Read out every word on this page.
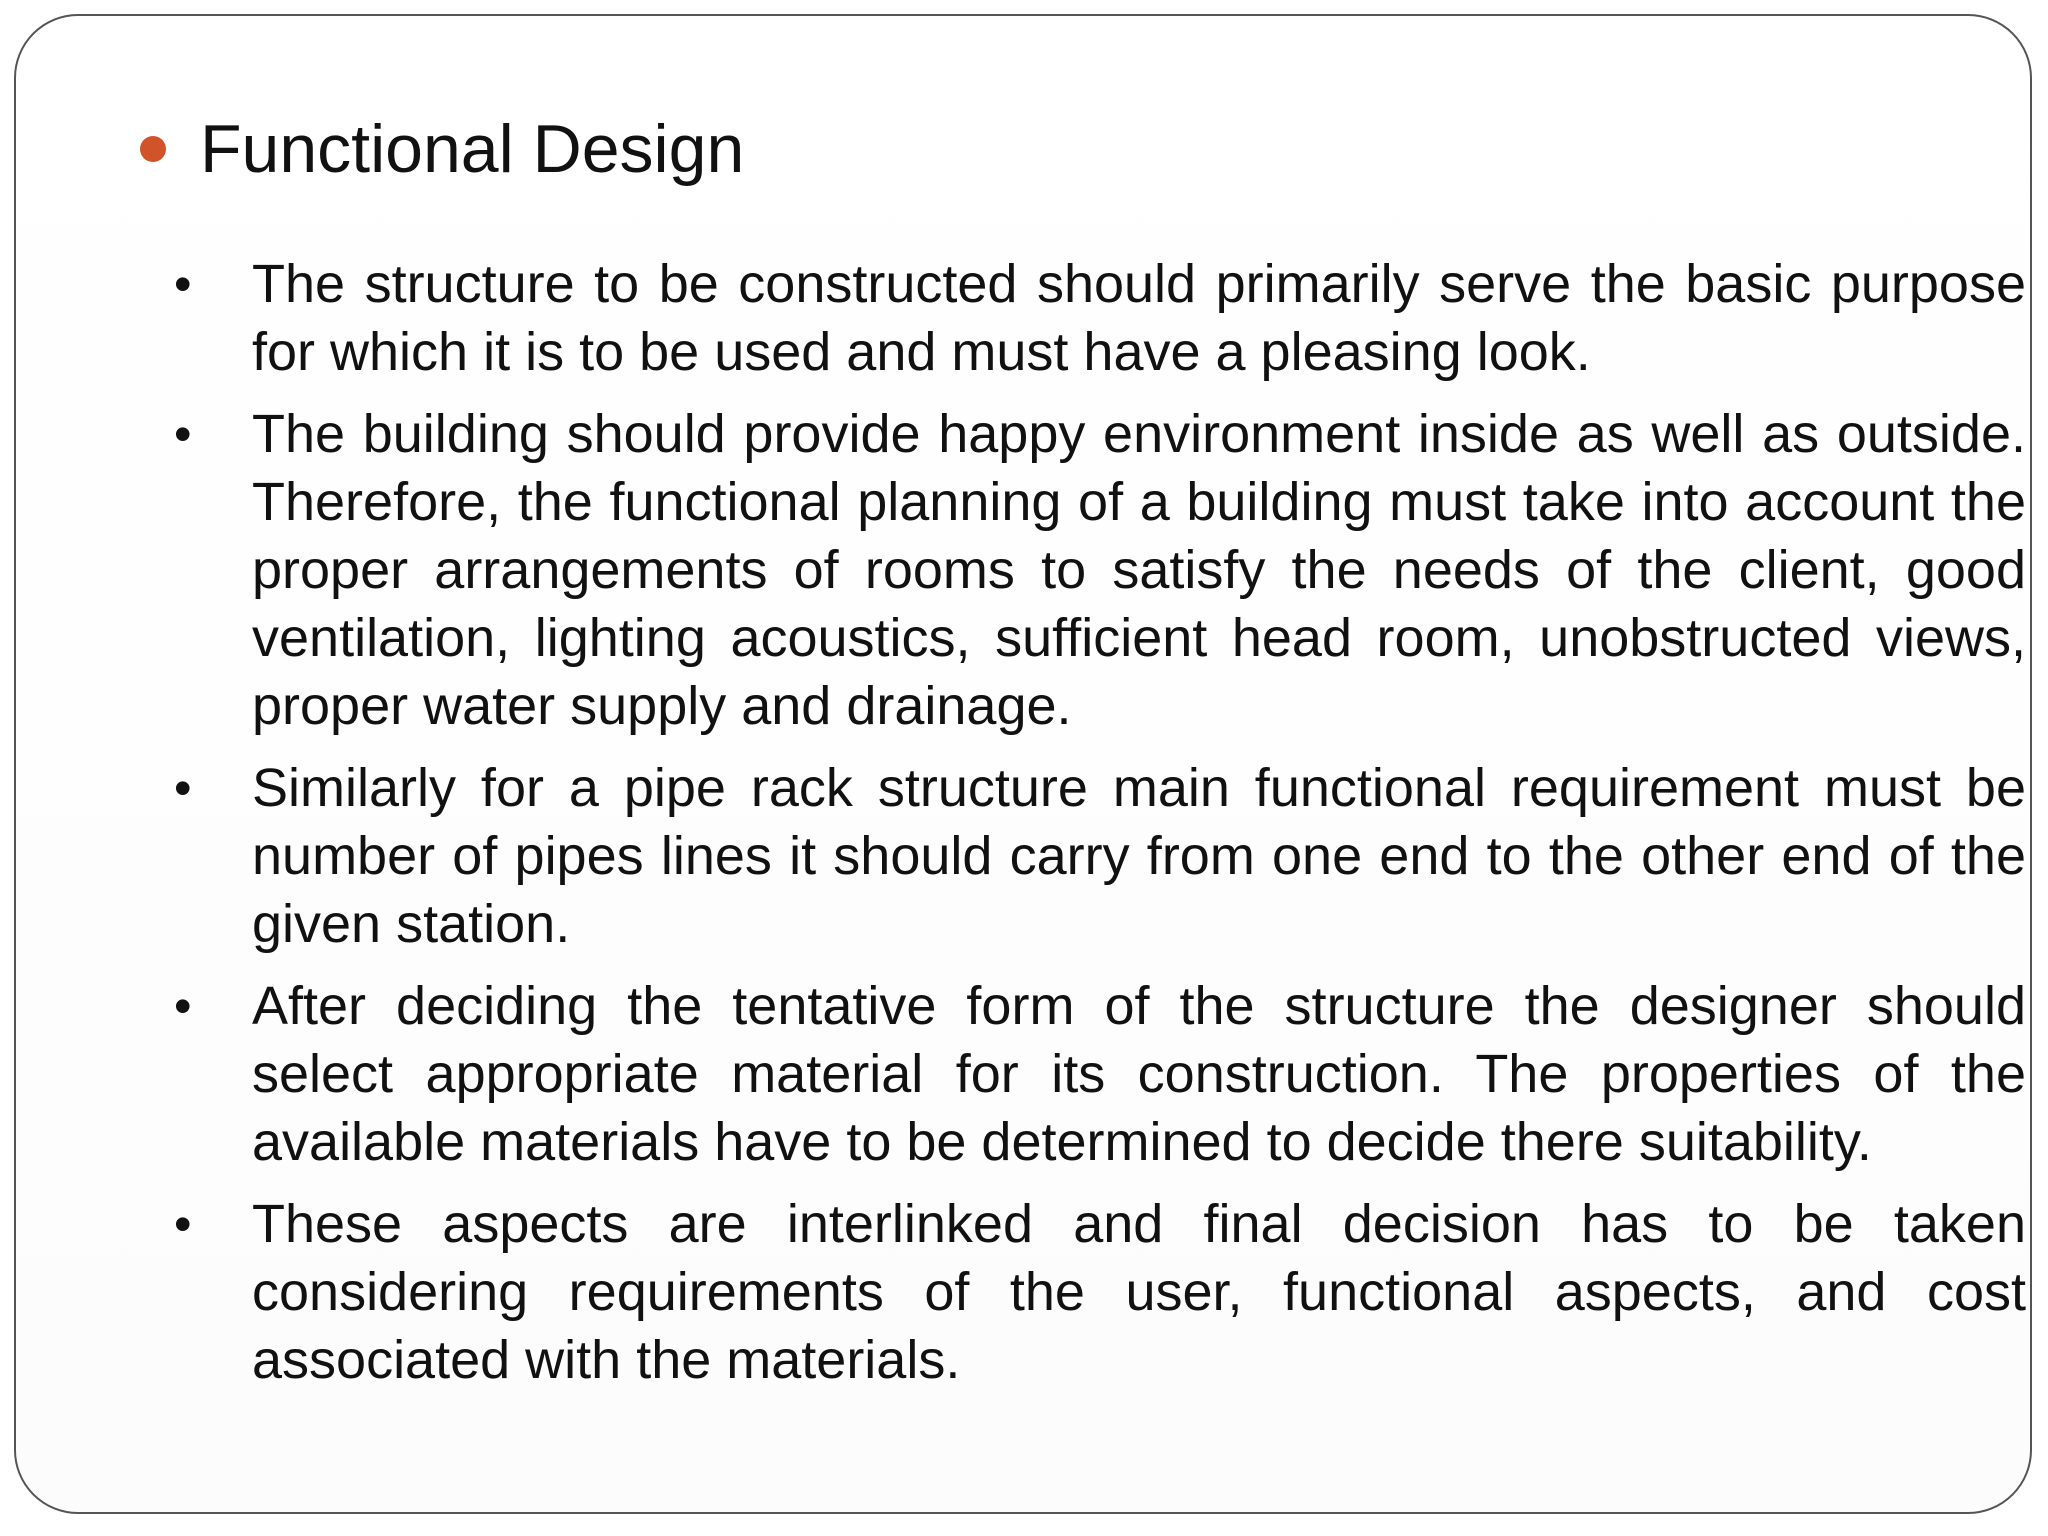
Functional Design
•	The structure to be constructed should primarily serve the basic purpose for which it is to be used and must have a pleasing look.
•	The building should provide happy environment inside as well as outside. Therefore, the functional planning of a building must take into account the proper arrangements of rooms to satisfy the needs of the client, good ventilation, lighting acoustics, sufficient head room, unobstructed views, proper water supply and drainage.
•	Similarly for a pipe rack structure main functional requirement must be number of pipes lines it should carry from one end to the other end of the given station.
•	After deciding the tentative form of the structure the designer should select appropriate material for its construction. The properties of the available materials have to be determined to decide there suitability.
•	These aspects are interlinked and final decision has to be taken considering requirements of the user, functional aspects, and cost associated with the materials.
